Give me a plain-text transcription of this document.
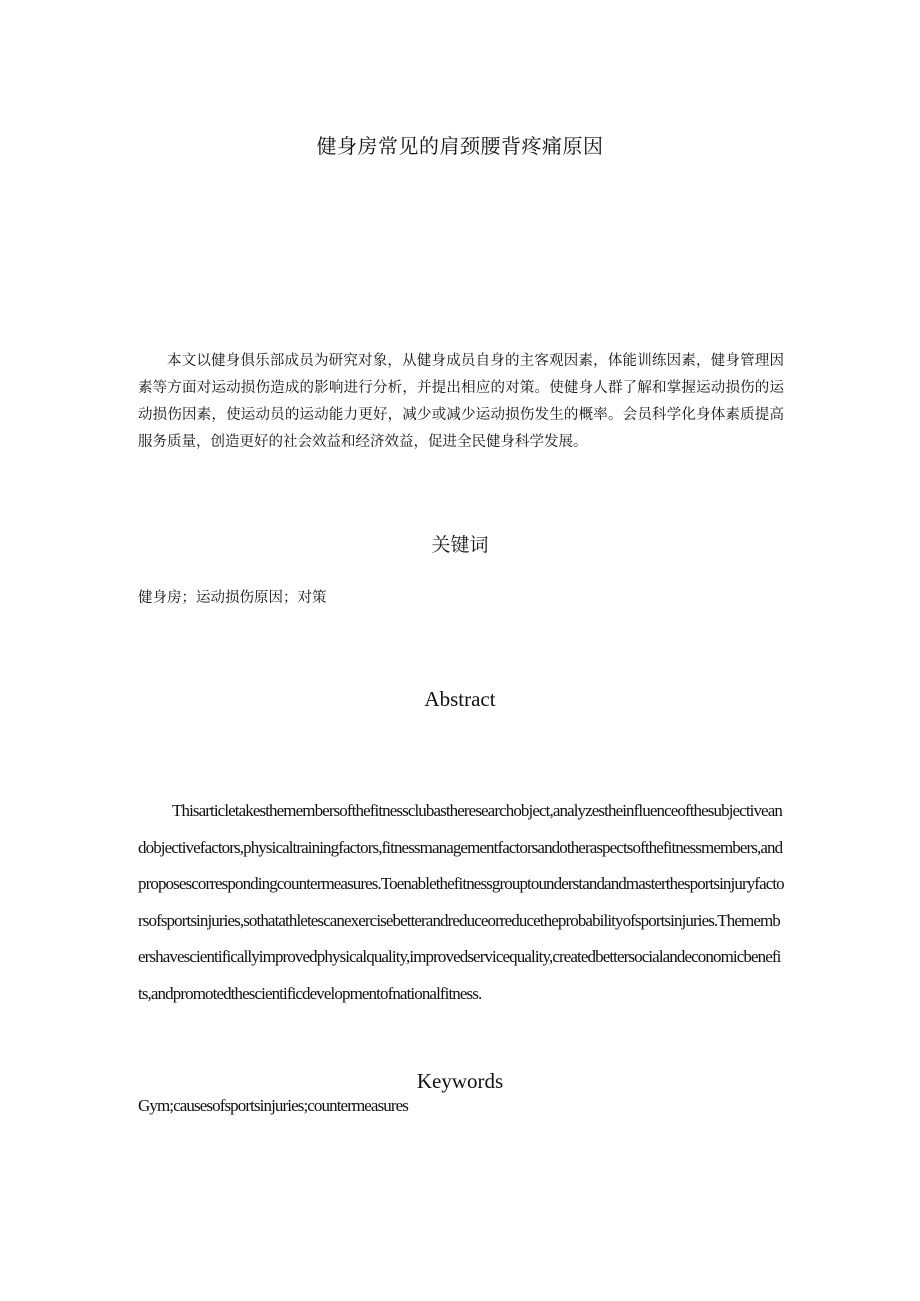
健身房常见的肩颈腰背疼痛原因

本文以健身俱乐部成员为研究对象，从健身成员自身的主客观因素，体能训练因素，健身管理因素等方面对运动损伤造成的影响进行分析，并提出相应的对策。使健身人群了解和掌握运动损伤的运动损伤因素，使运动员的运动能力更好，减少或减少运动损伤发生的概率。会员科学化身体素质提高服务质量，创造更好的社会效益和经济效益，促进全民健身科学发展。

关键词
健身房；运动损伤原因；对策
Abstract

Thisarticletakesthemembersofthefitnessclubastheresearchobject,analyzestheinfluenceofthesubjectiveandobjectivefactors,physicaltrainingfactors,fitnessmanagementfactorsandotheraspectsofthefitnessmembers,andproposescorrespondingcountermeasures.Toenablethefitnessgrouptounderstandandmasterthesportsinjuryfactorsofsportsinjuries,sothatathletescanexercisebetterandreduceorreducetheprobabilityofsportsinjuries.Themembershavescientificallyimprovedphysicalquality,improvedservicequality,createdbettersocialandeconomicbenefits,andpromotedthescientificdevelopmentofnationalfitness.

Keywords
Gym;causesofsportsinjuries;countermeasures
